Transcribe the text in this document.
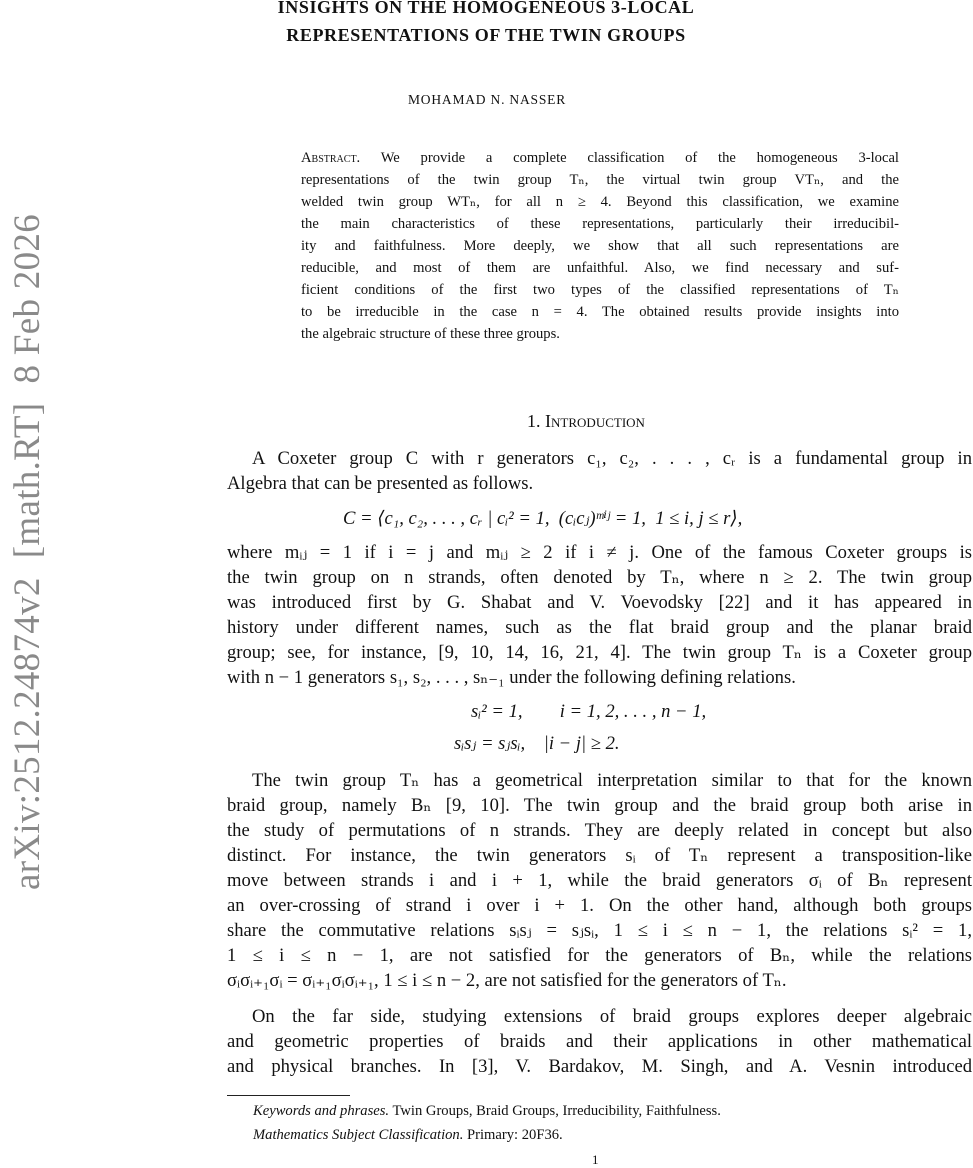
arXiv:2512.24874v2  [math.RT]  8 Feb 2026
INSIGHTS ON THE HOMOGENEOUS 3-LOCAL
REPRESENTATIONS OF THE TWIN GROUPS
MOHAMAD N. NASSER
Abstract. We provide a complete classification of the homogeneous 3-local
representations of the twin group Tₙ, the virtual twin group VTₙ, and the
welded twin group WTₙ, for all n ≥ 4. Beyond this classification, we examine
the main characteristics of these representations, particularly their irreducibil-
ity and faithfulness. More deeply, we show that all such representations are
reducible, and most of them are unfaithful. Also, we find necessary and suf-
ficient conditions of the first two types of the classified representations of Tₙ
to be irreducible in the case n = 4. The obtained results provide insights into
the algebraic structure of these three groups.
1. Introduction
A Coxeter group C with r generators c₁, c₂, . . . , cᵣ is a fundamental group in
Algebra that can be presented as follows.
where mᵢⱼ = 1 if i = j and mᵢⱼ ≥ 2 if i ≠ j. One of the famous Coxeter groups is
the twin group on n strands, often denoted by Tₙ, where n ≥ 2. The twin group
was introduced first by G. Shabat and V. Voevodsky [22] and it has appeared in
history under different names, such as the flat braid group and the planar braid
group; see, for instance, [9, 10, 14, 16, 21, 4]. The twin group Tₙ is a Coxeter group
with n − 1 generators s₁, s₂, . . . , sₙ₋₁ under the following defining relations.
The twin group Tₙ has a geometrical interpretation similar to that for the known
braid group, namely Bₙ [9, 10]. The twin group and the braid group both arise in
the study of permutations of n strands. They are deeply related in concept but also
distinct. For instance, the twin generators sᵢ of Tₙ represent a transposition-like
move between strands i and i + 1, while the braid generators σᵢ of Bₙ represent
an over-crossing of strand i over i + 1. On the other hand, although both groups
share the commutative relations sᵢsⱼ = sⱼsᵢ, 1 ≤ i ≤ n − 1, the relations sᵢ² = 1,
1 ≤ i ≤ n − 1, are not satisfied for the generators of Bₙ, while the relations
σᵢσᵢ₊₁σᵢ = σᵢ₊₁σᵢσᵢ₊₁, 1 ≤ i ≤ n − 2, are not satisfied for the generators of Tₙ.
On the far side, studying extensions of braid groups explores deeper algebraic
and geometric properties of braids and their applications in other mathematical
and physical branches. In [3], V. Bardakov, M. Singh, and A. Vesnin introduced
C = ⟨c₁, c₂, . . . , cᵣ | cᵢ² = 1,  (cᵢcⱼ)ᵐⁱʲ = 1,  1 ≤ i, j ≤ r⟩,
sᵢ² = 1,        i = 1, 2, . . . , n − 1,
sᵢsⱼ = sⱼsᵢ,    |i − j| ≥ 2.
Keywords and phrases. Twin Groups, Braid Groups, Irreducibility, Faithfulness.
Mathematics Subject Classification. Primary: 20F36.
1
